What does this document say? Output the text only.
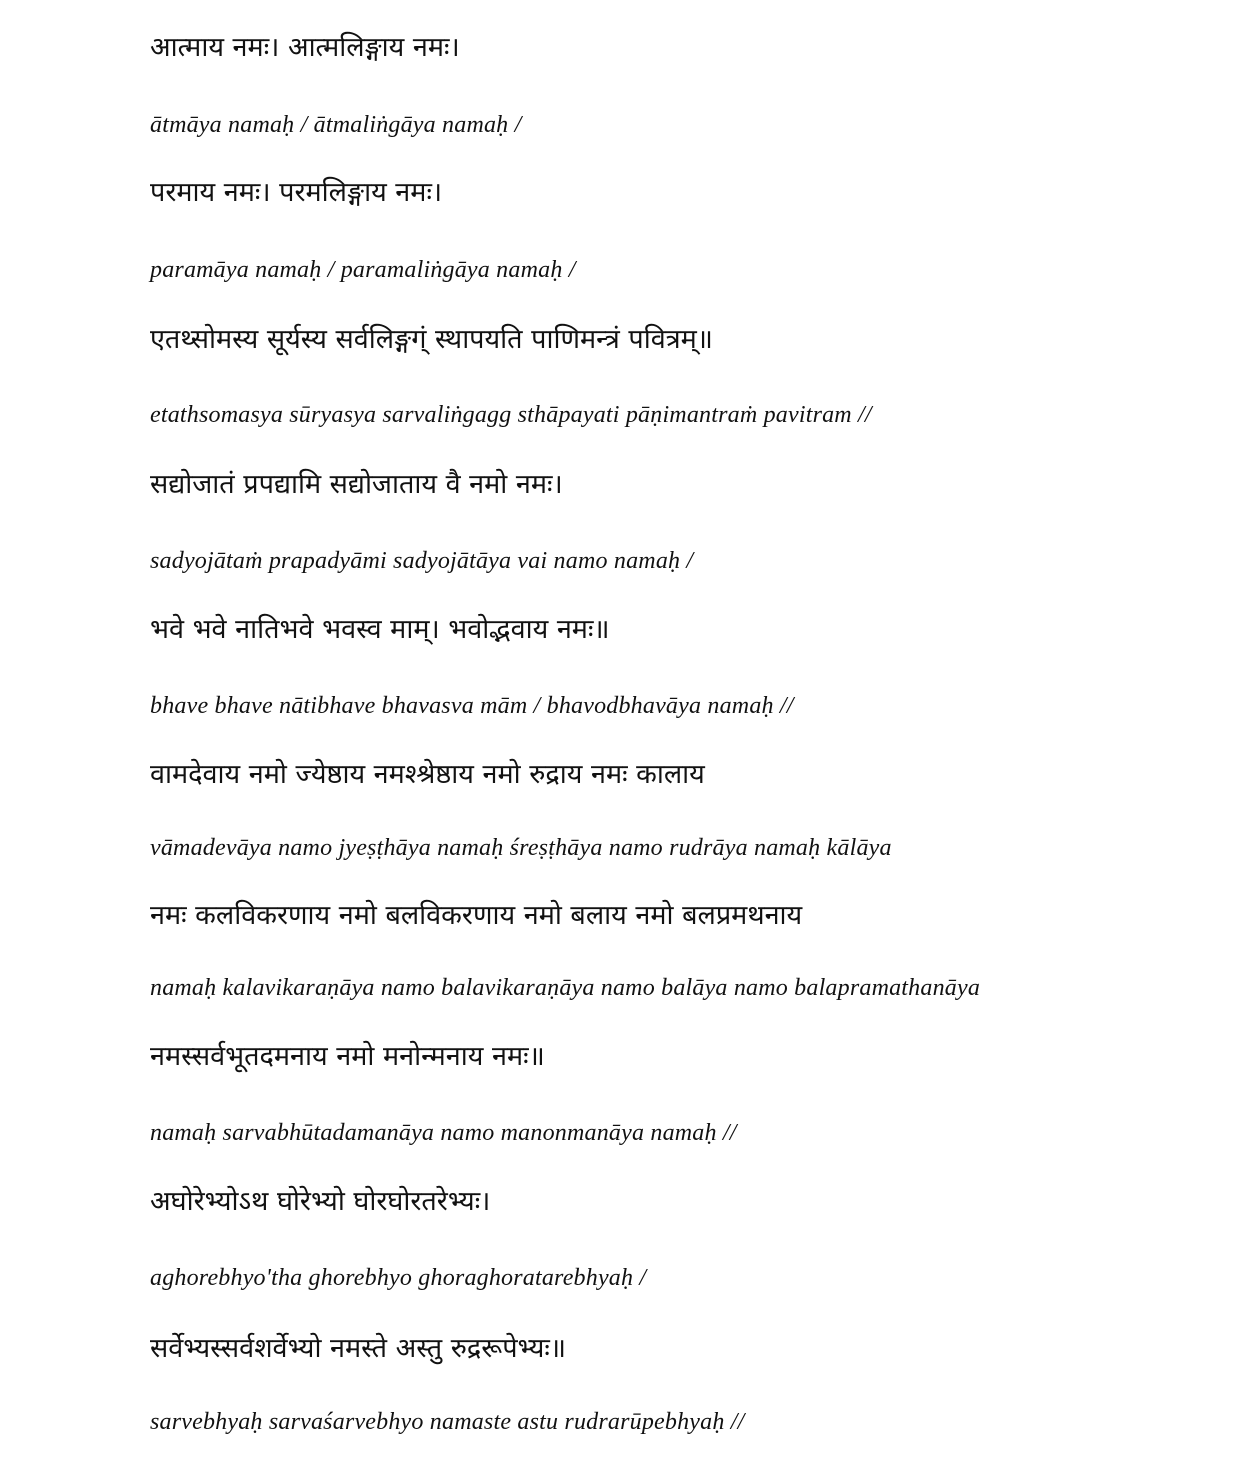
आत्माय नमः। आत्मलिङ्गाय नमः।
ātmāya namaḥ / ātmaliṅgāya namaḥ /
परमाय नमः। परमलिङ्गाय नमः।
paramāya namaḥ / paramaliṅgāya namaḥ /
एतथ्सोमस्य सूर्यस्य सर्वलिङ्गग्ं स्थापयति पाणिमन्त्रं पवित्रम्॥
etathsomasya sūryasya sarvaliṅgagg sthāpayati pāṇimantraṁ pavitram //
सद्योजातं प्रपद्यामि सद्योजाताय वै नमो नमः।
sadyojātaṁ prapadyāmi sadyojātāya vai namo namaḥ /
भवे भवे नातिभवे भवस्व माम्। भवोद्भवाय नमः॥
bhave bhave nātibhave bhavasva mām / bhavodbhavāya namaḥ //
वामदेवाय नमो ज्येष्ठाय नमश्श्रेष्ठाय नमो रुद्राय नमः कालाय
vāmadevāya namo jyeṣṭhāya namaḥ śreṣṭhāya namo rudrāya namaḥ kālāya
नमः कलविकरणाय नमो बलविकरणाय नमो बलाय नमो बलप्रमथनाय
namaḥ kalavikaraṇāya namo balavikaraṇāya namo balāya namo balapramathanāya
नमस्सर्वभूतदमनाय नमो मनोन्मनाय नमः॥
namaḥ sarvabhūtadamanāya namo manonmanāya namaḥ //
अघोरेभ्योऽथ घोरेभ्यो घोरघोरतरेभ्यः।
aghorebhyo'tha ghorebhyo ghoraghoratarebhyaḥ /
सर्वेभ्यस्सर्वशर्वेभ्यो नमस्ते अस्तु रुद्ररूपेभ्यः॥
sarvebhyaḥ sarvaśarvebhyo namaste astu rudrarūpebhyaḥ //
